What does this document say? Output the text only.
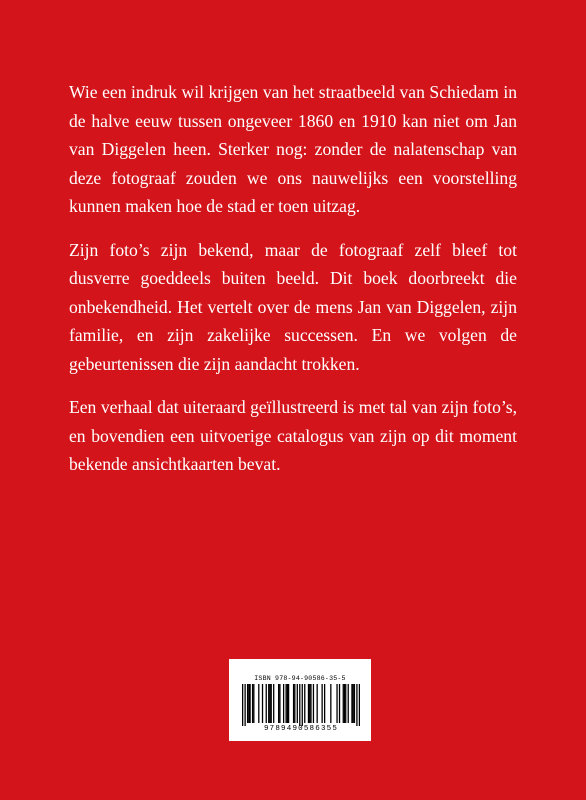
Wie een indruk wil krijgen van het straatbeeld van Schiedam in de halve eeuw tussen ongeveer 1860 en 1910 kan niet om Jan van Diggelen heen. Sterker nog: zonder de nalatenschap van deze fotograaf zouden we ons nauwelijks een voorstelling kunnen maken hoe de stad er toen uitzag.

Zijn foto’s zijn bekend, maar de fotograaf zelf bleef tot dusverre goeddeels buiten beeld. Dit boek doorbreekt die onbekendheid. Het vertelt over de mens Jan van Diggelen, zijn familie, en zijn zakelijke successen. En we volgen de gebeurtenissen die zijn aandacht trokken.

Een verhaal dat uiteraard geïllustreerd is met tal van zijn foto’s, en bovendien een uitvoerige catalogus van zijn op dit moment bekende ansichtkaarten bevat.

ISBN 978-94-90586-35-5
9789490586355
